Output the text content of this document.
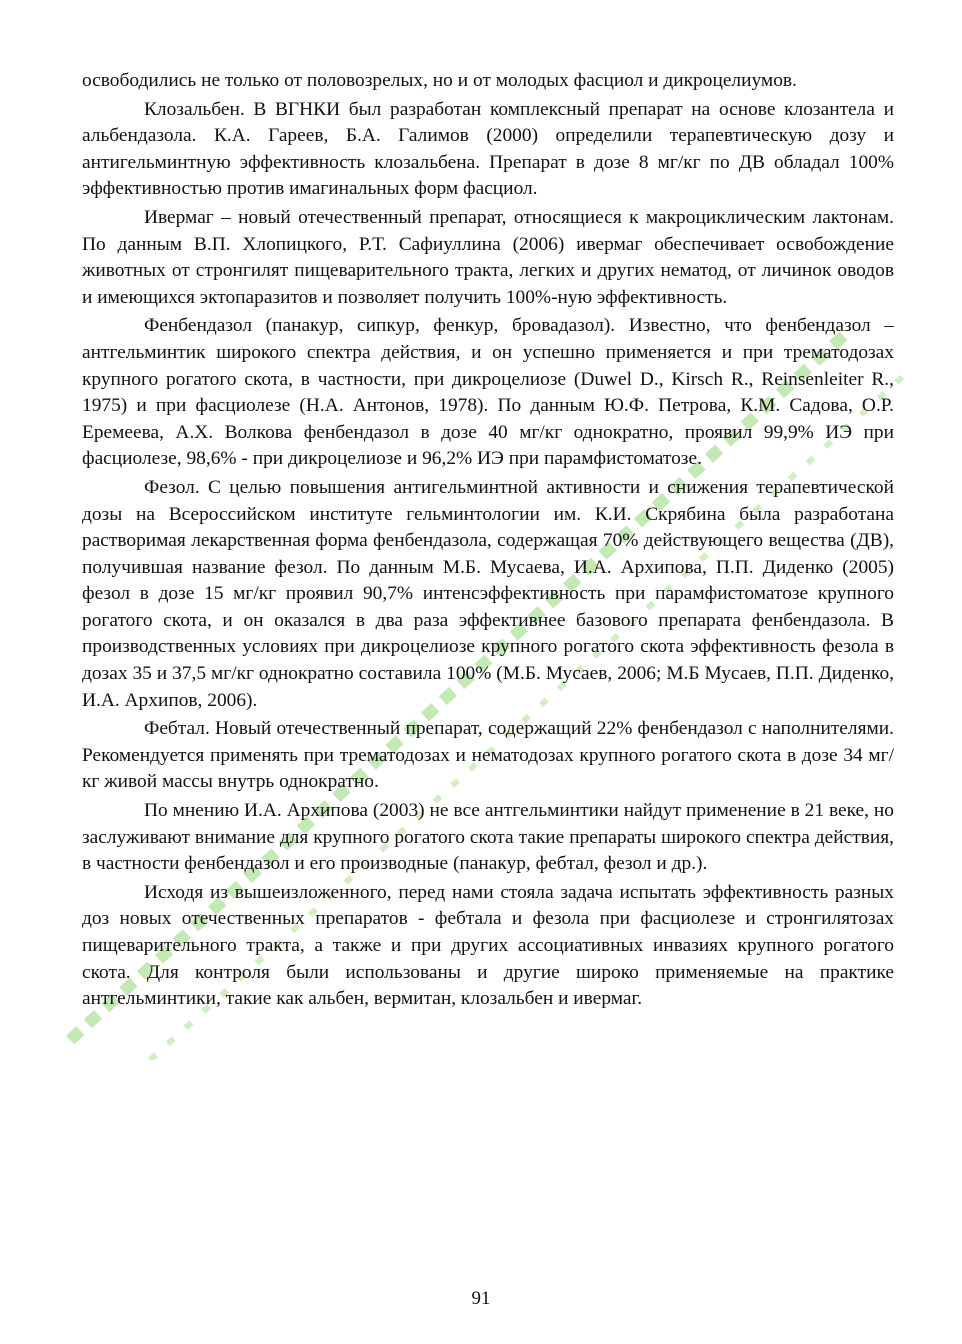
освободились не только от половозрелых, но и от молодых фасциол и дикроцелиумов.

Клозальбен. В ВГНКИ был разработан комплексный препарат на основе клозантела и альбендазола. К.А. Гареев, Б.А. Галимов (2000) определили терапевтическую дозу и антигельминтную эффективность клозальбена. Препарат в дозе 8 мг/кг по ДВ обладал 100% эффективностью против имагинальных форм фасциол.

Ивермаг – новый отечественный препарат, относящиеся к макроциклическим лактонам. По данным В.П. Хлопицкого, Р.Т. Сафиуллина (2006) ивермаг обеспечивает освобождение животных от стронгилят пищеварительного тракта, легких и других нематод, от личинок оводов и имеющихся эктопаразитов и позволяет получить 100%-ную эффективность.

Фенбендазол (панакур, сипкур, фенкур, бровадазол). Известно, что фенбендазол – антгельминтик широкого спектра действия, и он успешно применяется и при трематодозах крупного рогатого скота, в частности, при дикроцелиозе (Duwel D., Kirsch R., Reinsenleiter R., 1975) и при фасциолезе (Н.А. Антонов, 1978). По данным Ю.Ф. Петрова, К.М. Садова, О.Р. Еремеева, А.Х. Волкова фенбендазол в дозе 40 мг/кг однократно, проявил 99,9% ИЭ при фасциолезе, 98,6% - при дикроцелиозе и 96,2% ИЭ при парамфистоматозе.

Фезол. С целью повышения антигельминтной активности и снижения терапевтической дозы на Всероссийском институте гельминтологии им. К.И. Скрябина была разработана растворимая лекарственная форма фенбендазола, содержащая 70% действующего вещества (ДВ), получившая название фезол. По данным М.Б. Мусаева, И.А. Архипова, П.П. Диденко (2005) фезол в дозе 15 мг/кг проявил 90,7% интенсэффективность при парамфистоматозе крупного рогатого скота, и он оказался в два раза эффективнее базового препарата фенбендазола. В производственных условиях при дикроцелиозе крупного рогатого скота эффективность фезола в дозах 35 и 37,5 мг/кг однократно составила 100% (М.Б. Мусаев, 2006; М.Б Мусаев, П.П. Диденко, И.А. Архипов, 2006).

Фебтал. Новый отечественный препарат, содержащий 22% фенбендазол с наполнителями. Рекомендуется применять при трематодозах и нематодозах крупного рогатого скота в дозе 34 мг/кг живой массы внутрь однократно.

По мнению И.А. Архипова (2003) не все антгельминтики найдут применение в 21 веке, но заслуживают внимание для крупного рогатого скота такие препараты широкого спектра действия, в частности фенбендазол и его производные (панакур, фебтал, фезол и др.).

Исходя из вышеизложенного, перед нами стояла задача испытать эффективность разных доз новых отечественных препаратов - фебтала и фезола при фасциолезе и стронгилятозах пищеварительного тракта, а также и при других ассоциативных инвазиях крупного рогатого скота. Для контроля были использованы и другие широко применяемые на практике антгельминтики, такие как альбен, вермитан, клозальбен и ивермаг.

91
